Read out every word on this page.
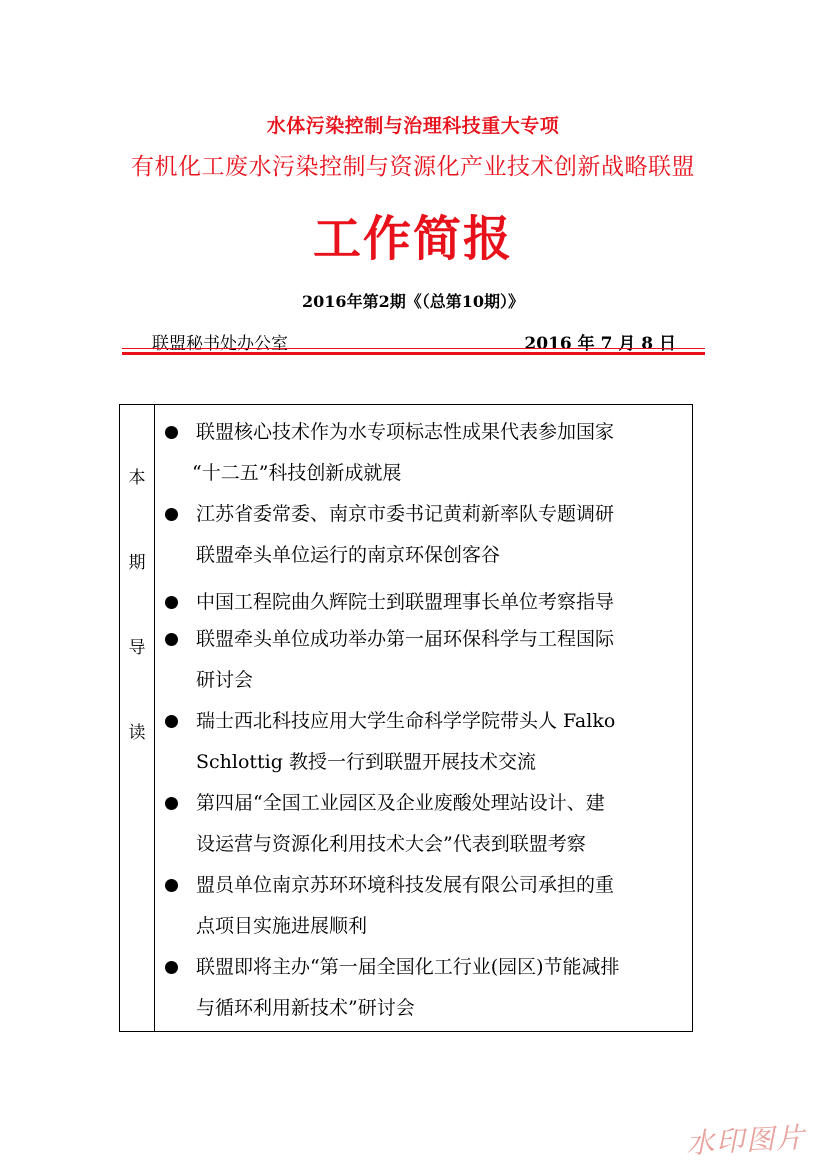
水体污染控制与治理科技重大专项
有机化工废水污染控制与资源化产业技术创新战略联盟
工作简报
2016年第2期《（总第10期）》
联盟秘书处办公室	2016 年 7 月 8 日
本
期
导
读
联盟核心技术作为水专项标志性成果代表参加国家
“十二五”科技创新成就展
江苏省委常委、南京市委书记黄莉新率队专题调研
联盟牵头单位运行的南京环保创客谷
中国工程院曲久辉院士到联盟理事长单位考察指导
联盟牵头单位成功举办第一届环保科学与工程国际
研讨会
瑞士西北科技应用大学生命科学学院带头人 Falko
Schlottig 教授一行到联盟开展技术交流
第四届“全国工业园区及企业废酸处理站设计、建
设运营与资源化利用技术大会”代表到联盟考察
盟员单位南京苏环环境科技发展有限公司承担的重
点项目实施进展顺利
联盟即将主办“第一届全国化工行业(园区)节能减排
与循环利用新技术”研讨会
水印图片
